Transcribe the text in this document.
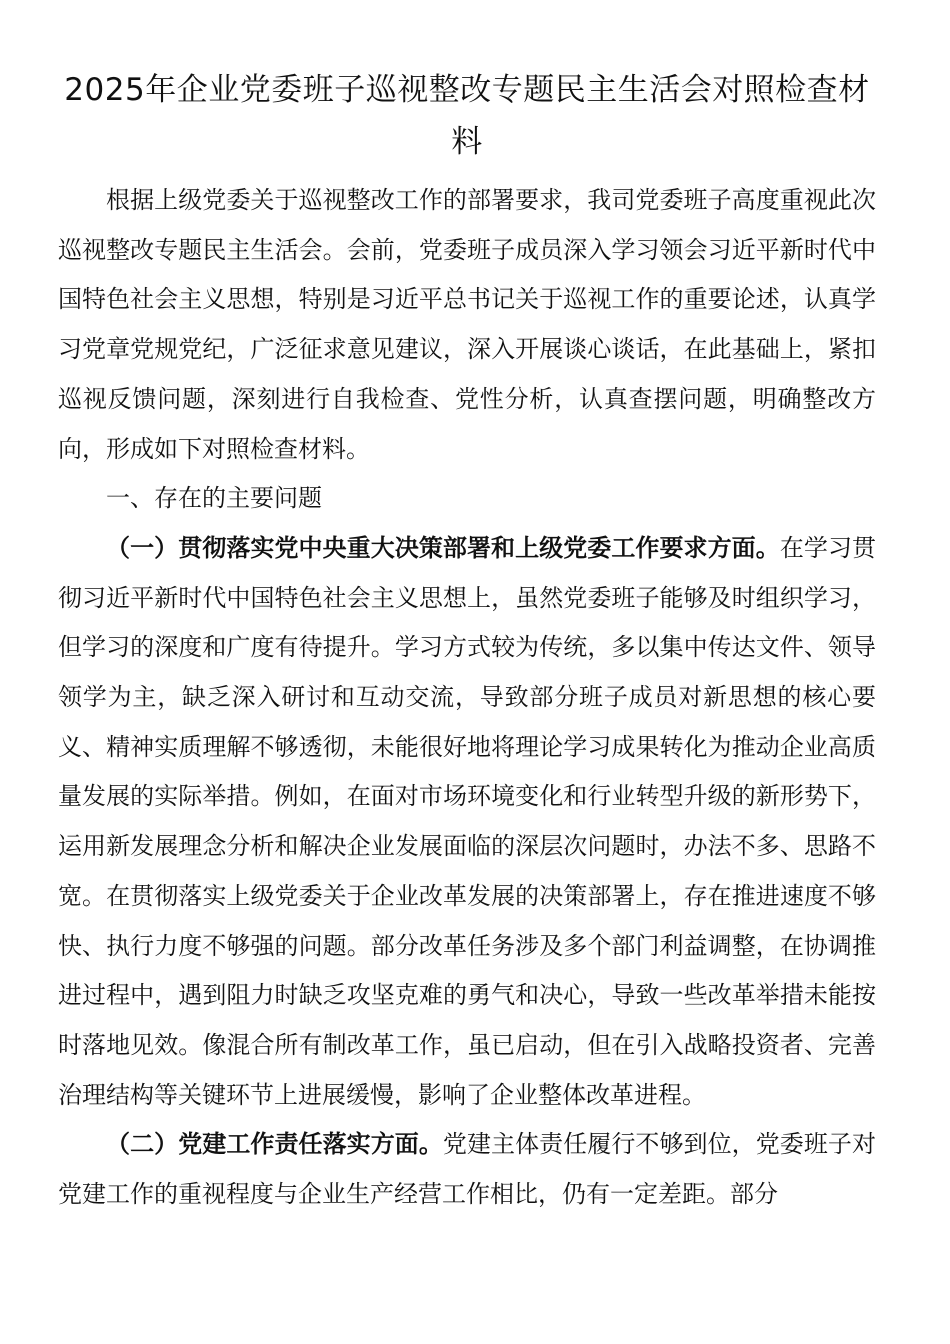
2025年企业党委班子巡视整改专题民主生活会对照检查材料

根据上级党委关于巡视整改工作的部署要求，我司党委班子高度重视此次巡视整改专题民主生活会。会前，党委班子成员深入学习领会习近平新时代中国特色社会主义思想，特别是习近平总书记关于巡视工作的重要论述，认真学习党章党规党纪，广泛征求意见建议，深入开展谈心谈话，在此基础上，紧扣巡视反馈问题，深刻进行自我检查、党性分析，认真查摆问题，明确整改方向，形成如下对照检查材料。

一、存在的主要问题

（一）贯彻落实党中央重大决策部署和上级党委工作要求方面。在学习贯彻习近平新时代中国特色社会主义思想上，虽然党委班子能够及时组织学习，但学习的深度和广度有待提升。学习方式较为传统，多以集中传达文件、领导领学为主，缺乏深入研讨和互动交流，导致部分班子成员对新思想的核心要义、精神实质理解不够透彻，未能很好地将理论学习成果转化为推动企业高质量发展的实际举措。例如，在面对市场环境变化和行业转型升级的新形势下，运用新发展理念分析和解决企业发展面临的深层次问题时，办法不多、思路不宽。在贯彻落实上级党委关于企业改革发展的决策部署上，存在推进速度不够快、执行力度不够强的问题。部分改革任务涉及多个部门利益调整，在协调推进过程中，遇到阻力时缺乏攻坚克难的勇气和决心，导致一些改革举措未能按时落地见效。像混合所有制改革工作，虽已启动，但在引入战略投资者、完善治理结构等关键环节上进展缓慢，影响了企业整体改革进程。

（二）党建工作责任落实方面。党建主体责任履行不够到位，党委班子对党建工作的重视程度与企业生产经营工作相比，仍有一定差距。部分
